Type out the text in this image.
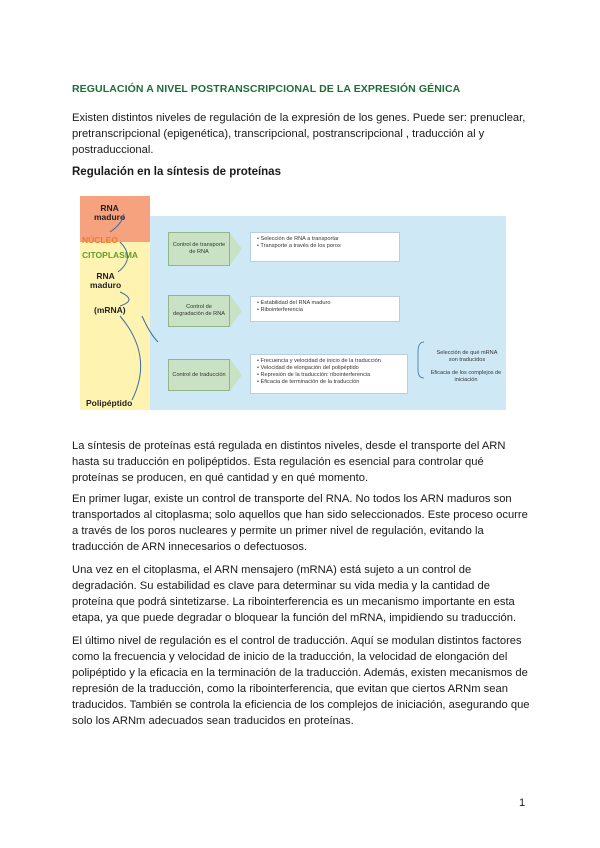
REGULACIÓN A NIVEL POSTRANSCRIPCIONAL DE LA EXPRESIÓN GÉNICA

Existen distintos niveles de regulación de la expresión de los genes. Puede ser: prenuclear, pretranscripcional (epigenética), transcripcional, postranscripcional , traducción al y postraduccional.

Regulación en la síntesis de proteínas
RNA
maduro
NÚCLEO
CITOPLASMA
RNA
maduro
(mRNA)
Polipéptido
Control de transporte de RNA
• Selección de RNA a transportar
• Transporte a través de los poros
Control de degradación de RNA
• Estabilidad del RNA maduro
• Ribointerferencia
Control de traducción
• Frecuencia y velocidad de inicio de la traducción
• Velocidad de elongación del polipéptido
• Represión de la traducción: ribointerferencia
• Eficacia de terminación de la traducción
Selección de qué mRNA son traducidos
Eficacia de los complejos de iniciación

La síntesis de proteínas está regulada en distintos niveles, desde el transporte del ARN hasta su traducción en polipéptidos. Esta regulación es esencial para controlar qué proteínas se producen, en qué cantidad y en qué momento.

En primer lugar, existe un control de transporte del RNA. No todos los ARN maduros son transportados al citoplasma; solo aquellos que han sido seleccionados. Este proceso ocurre a través de los poros nucleares y permite un primer nivel de regulación, evitando la traducción de ARN innecesarios o defectuosos.

Una vez en el citoplasma, el ARN mensajero (mRNA) está sujeto a un control de degradación. Su estabilidad es clave para determinar su vida media y la cantidad de proteína que podrá sintetizarse. La ribointerferencia es un mecanismo importante en esta etapa, ya que puede degradar o bloquear la función del mRNA, impidiendo su traducción.

El último nivel de regulación es el control de traducción. Aquí se modulan distintos factores como la frecuencia y velocidad de inicio de la traducción, la velocidad de elongación del polipéptido y la eficacia en la terminación de la traducción. Además, existen mecanismos de represión de la traducción, como la ribointerferencia, que evitan que ciertos ARNm sean traducidos. También se controla la eficiencia de los complejos de iniciación, asegurando que solo los ARNm adecuados sean traducidos en proteínas.

1
